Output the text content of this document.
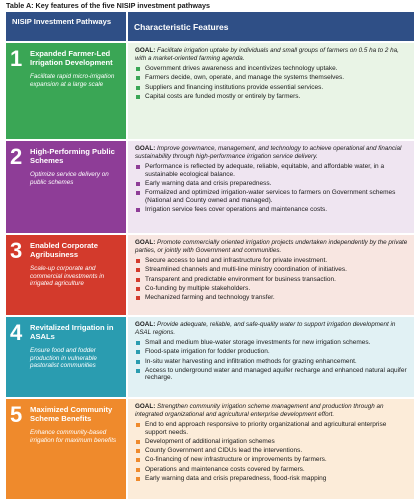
Table A: Key features of the five NISIP investment pathways
NISIP Investment Pathways	Characteristic Features
1	Expanded Farmer-Led Irrigation Development
Facilitate rapid micro-irrigation expansion at a large scale
GOAL: Facilitate irrigation uptake by individuals and small groups of farmers on 0.5 ha to 2 ha, with a market-oriented farming agenda.
Government drives awareness and incentivizes technology uptake.
Farmers decide, own, operate, and manage the systems themselves.
Suppliers and financing institutions provide essential services.
Capital costs are funded mostly or entirely by farmers.
2	High-Performing Public Schemes
Optimize service delivery on public schemes
GOAL: Improve governance, management, and technology to achieve operational and financial sustainability through high-performance irrigation service delivery.
Performance is reflected by adequate, reliable, equitable, and affordable water, in a sustainable ecological balance.
Early warning data and crisis preparedness.
Formalized and optimized irrigation-water services to farmers on Government schemes (National and County owned and managed).
Irrigation service fees cover operations and maintenance costs.
3	Enabled Corporate Agribusiness
Scale-up corporate and commercial investments in irrigated agriculture
GOAL: Promote commercially oriented irrigation projects undertaken independently by the private parties, or jointly with Government and communities.
Secure access to land and infrastructure for private investment.
Streamlined channels and multi-line ministry coordination of initiatives.
Transparent and predictable environment for business transaction.
Co-funding by multiple stakeholders.
Mechanized farming and technology transfer.
4	Revitalized Irrigation in ASALs
Ensure food and fodder production in vulnerable pastoralist communities
GOAL: Provide adequate, reliable, and safe-quality water to support irrigation development in ASAL regions.
Small and medium blue-water storage investments for new irrigation schemes.
Flood-spate irrigation for fodder production.
In-situ water harvesting and infiltration methods for grazing enhancement.
Access to underground water and managed aquifer recharge and enhanced natural aquifer recharge.
5	Maximized Community Scheme Benefits
Enhance community-based irrigation for maximum benefits
GOAL: Strengthen community irrigation scheme management and production through an integrated organizational and agricultural enterprise development effort.
End to end approach responsive to priority organizational and agricultural enterprise support needs.
Development of additional irrigation schemes
County Government and CIDUs lead the interventions.
Co-financing of new infrastructure or improvements by farmers.
Operations and maintenance costs covered by farmers.
Early warning data and crisis preparedness, flood-risk mapping
